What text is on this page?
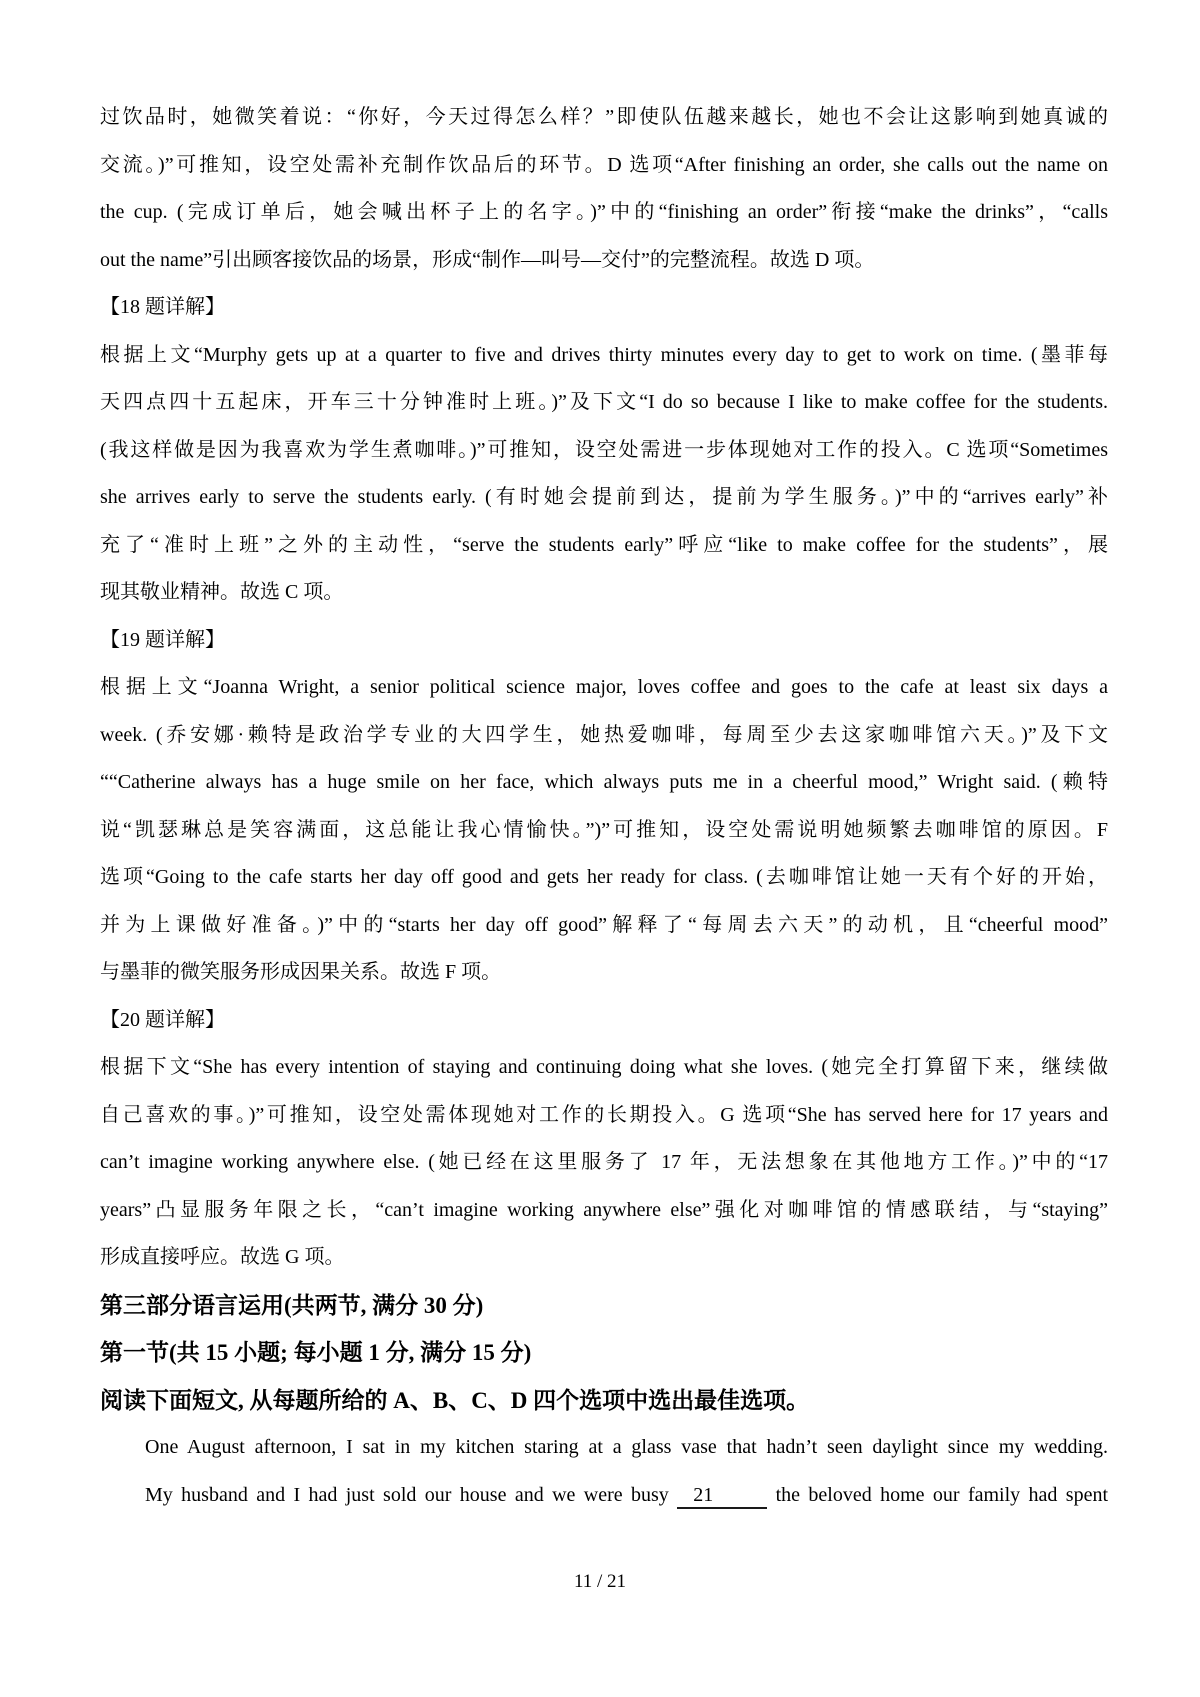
过饮品时，她微笑着说：“你好，今天过得怎么样？”即使队伍越来越长，她也不会让这影响到她真诚的
交流。)”可推知，设空处需补充制作饮品后的环节。D 选项“After finishing an order, she calls out the name on
the cup. (完成订单后，她会喊出杯子上的名字。)”中的“finishing an order”衔接“make the drinks”，“calls
out the name”引出顾客接饮品的场景，形成“制作—叫号—交付”的完整流程。故选 D 项。
【18 题详解】
根据上文“Murphy gets up at a quarter to five and drives thirty minutes every day to get to work on time. (墨菲每
天四点四十五起床，开车三十分钟准时上班。)”及下文“I do so because I like to make coffee for the students.
(我这样做是因为我喜欢为学生煮咖啡。)”可推知，设空处需进一步体现她对工作的投入。C 选项“Sometimes
she arrives early to serve the students early. (有时她会提前到达，提前为学生服务。)”中的“arrives early”补
充了“准时上班”之外的主动性，“serve the students early”呼应“like to make coffee for the students”，展
现其敬业精神。故选 C 项。
【19 题详解】
根据上文“Joanna Wright, a senior political science major, loves coffee and goes to the cafe at least six days a
week. (乔安娜·赖特是政治学专业的大四学生，她热爱咖啡，每周至少去这家咖啡馆六天。)”及下文
““Catherine always has a huge smile on her face, which always puts me in a cheerful mood,” Wright said. (赖特
说“凯瑟琳总是笑容满面，这总能让我心情愉快。”)”可推知，设空处需说明她频繁去咖啡馆的原因。F
选项“Going to the cafe starts her day off good and gets her ready for class. (去咖啡馆让她一天有个好的开始，
并为上课做好准备。)”中的“starts her day off good”解释了“每周去六天”的动机，且“cheerful mood”
与墨菲的微笑服务形成因果关系。故选 F 项。
【20 题详解】
根据下文“She has every intention of staying and continuing doing what she loves. (她完全打算留下来，继续做
自己喜欢的事。)”可推知，设空处需体现她对工作的长期投入。G 选项“She has served here for 17 years and
can’t imagine working anywhere else. (她已经在这里服务了 17 年，无法想象在其他地方工作。)”中的“17
years”凸显服务年限之长，“can’t imagine working anywhere else”强化对咖啡馆的情感联结，与“staying”
形成直接呼应。故选 G 项。
第三部分语言运用(共两节, 满分 30 分)
第一节(共 15 小题; 每小题 1 分, 满分 15 分)
阅读下面短文, 从每题所给的 A、B、C、D 四个选项中选出最佳选项。
One August afternoon, I sat in my kitchen staring at a glass vase that hadn’t seen daylight since my wedding.
My husband and I had just sold our house and we were busy 21	the beloved home our family had spent
11 / 21
